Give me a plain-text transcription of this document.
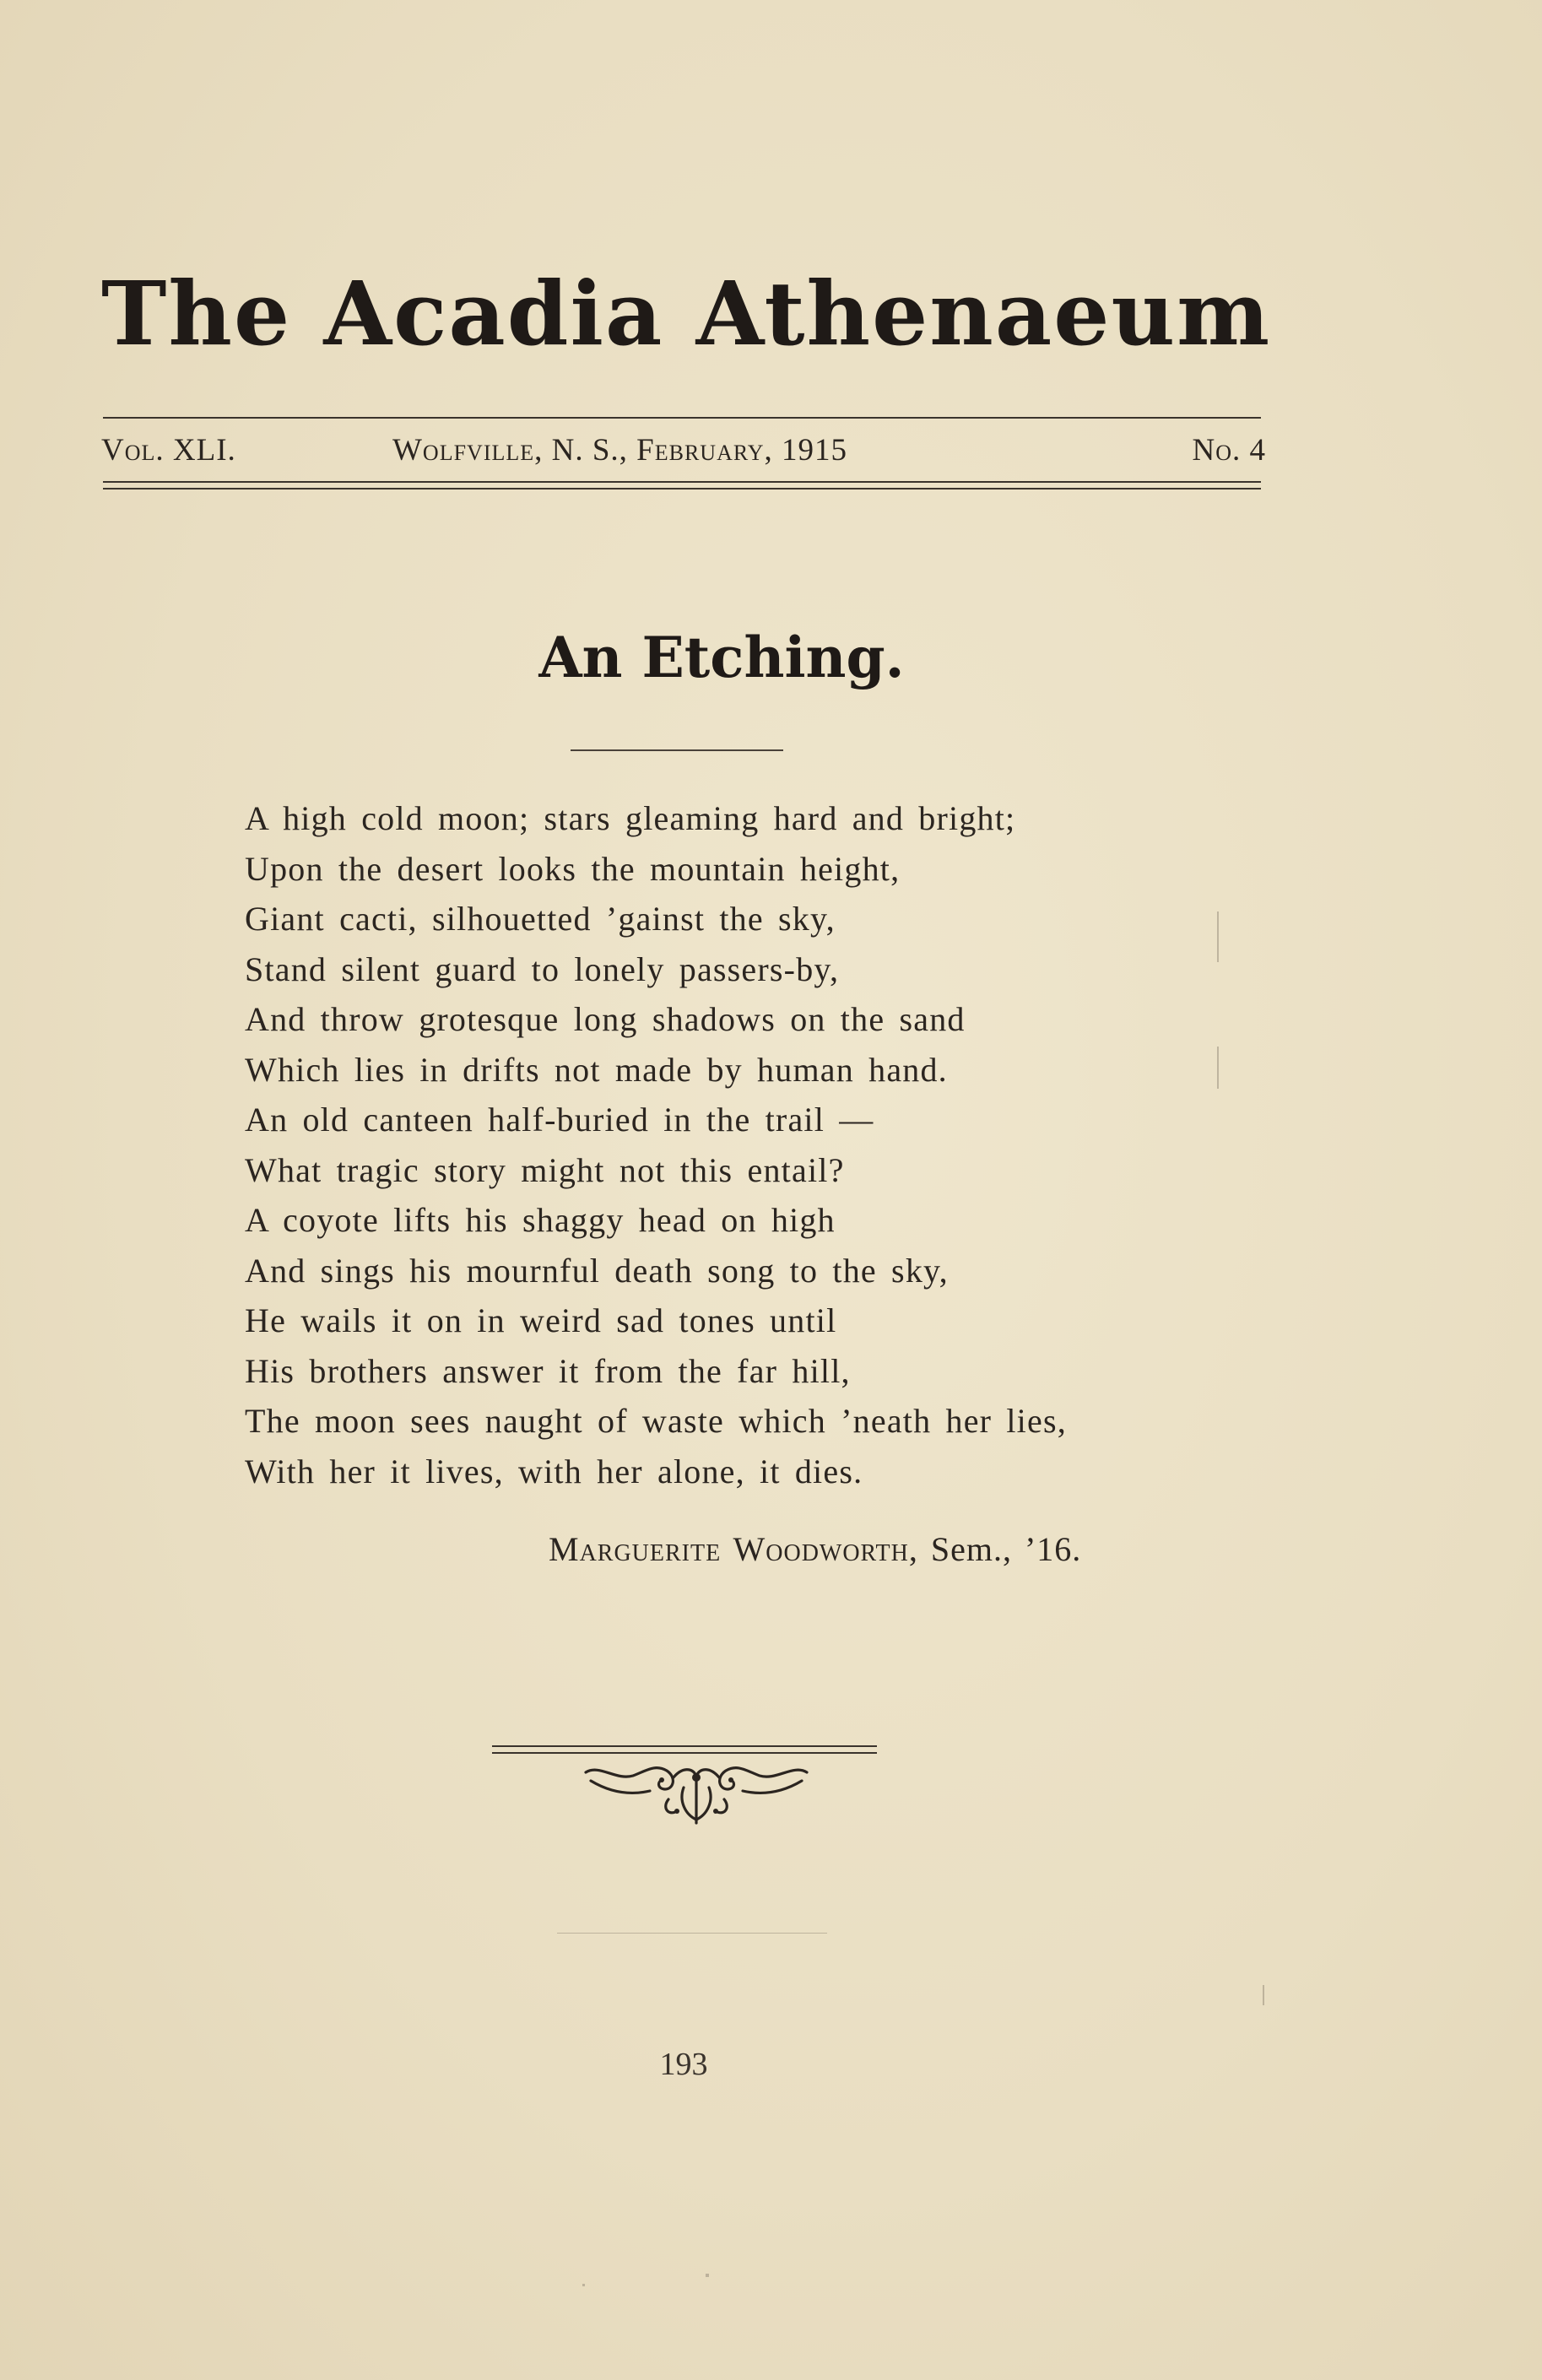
The Acadia Athenaeum
Vol. XLI.	Wolfville, N. S., February, 1915	No. 4
An Etching.
A high cold moon; stars gleaming hard and bright;
Upon the desert looks the mountain height,
Giant cacti, silhouetted ’gainst the sky,
Stand silent guard to lonely passers-by,
And throw grotesque long shadows on the sand
Which lies in drifts not made by human hand.
An old canteen half-buried in the trail —
What tragic story might not this entail?
A coyote lifts his shaggy head on high
And sings his mournful death song to the sky,
He wails it on in weird sad tones until
His brothers answer it from the far hill,
The moon sees naught of waste which ’neath her lies,
With her it lives, with her alone, it dies.
Marguerite Woodworth, Sem., ’16.
193
